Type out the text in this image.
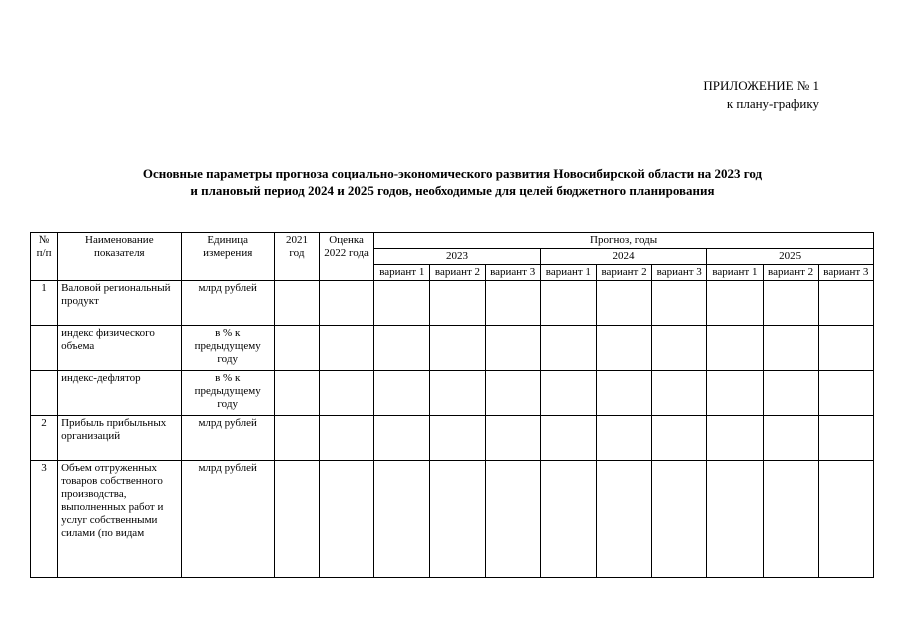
ПРИЛОЖЕНИЕ № 1
к плану-графику
Основные параметры прогноза социально-экономического развития Новосибирской области на 2023 год
и плановый период 2024 и 2025 годов, необходимые для целей бюджетного планирования
№ п/п	Наименование показателя	Единица измерения	2021 год	Оценка 2022 года	Прогноз, годы								
					2023			2024			2025		
					вариант 1	вариант 2	вариант 3	вариант 1	вариант 2	вариант 3	вариант 1	вариант 2	вариант 3
1	Валовой региональный продукт	млрд рублей											
	индекс физического объема	в % к предыдущему году											
	индекс-дефлятор	в % к предыдущему году											
2	Прибыль прибыльных организаций	млрд рублей											
3	Объем отгруженных товаров собственного производства, выполненных работ и услуг собственными силами (по видам	млрд рублей											
